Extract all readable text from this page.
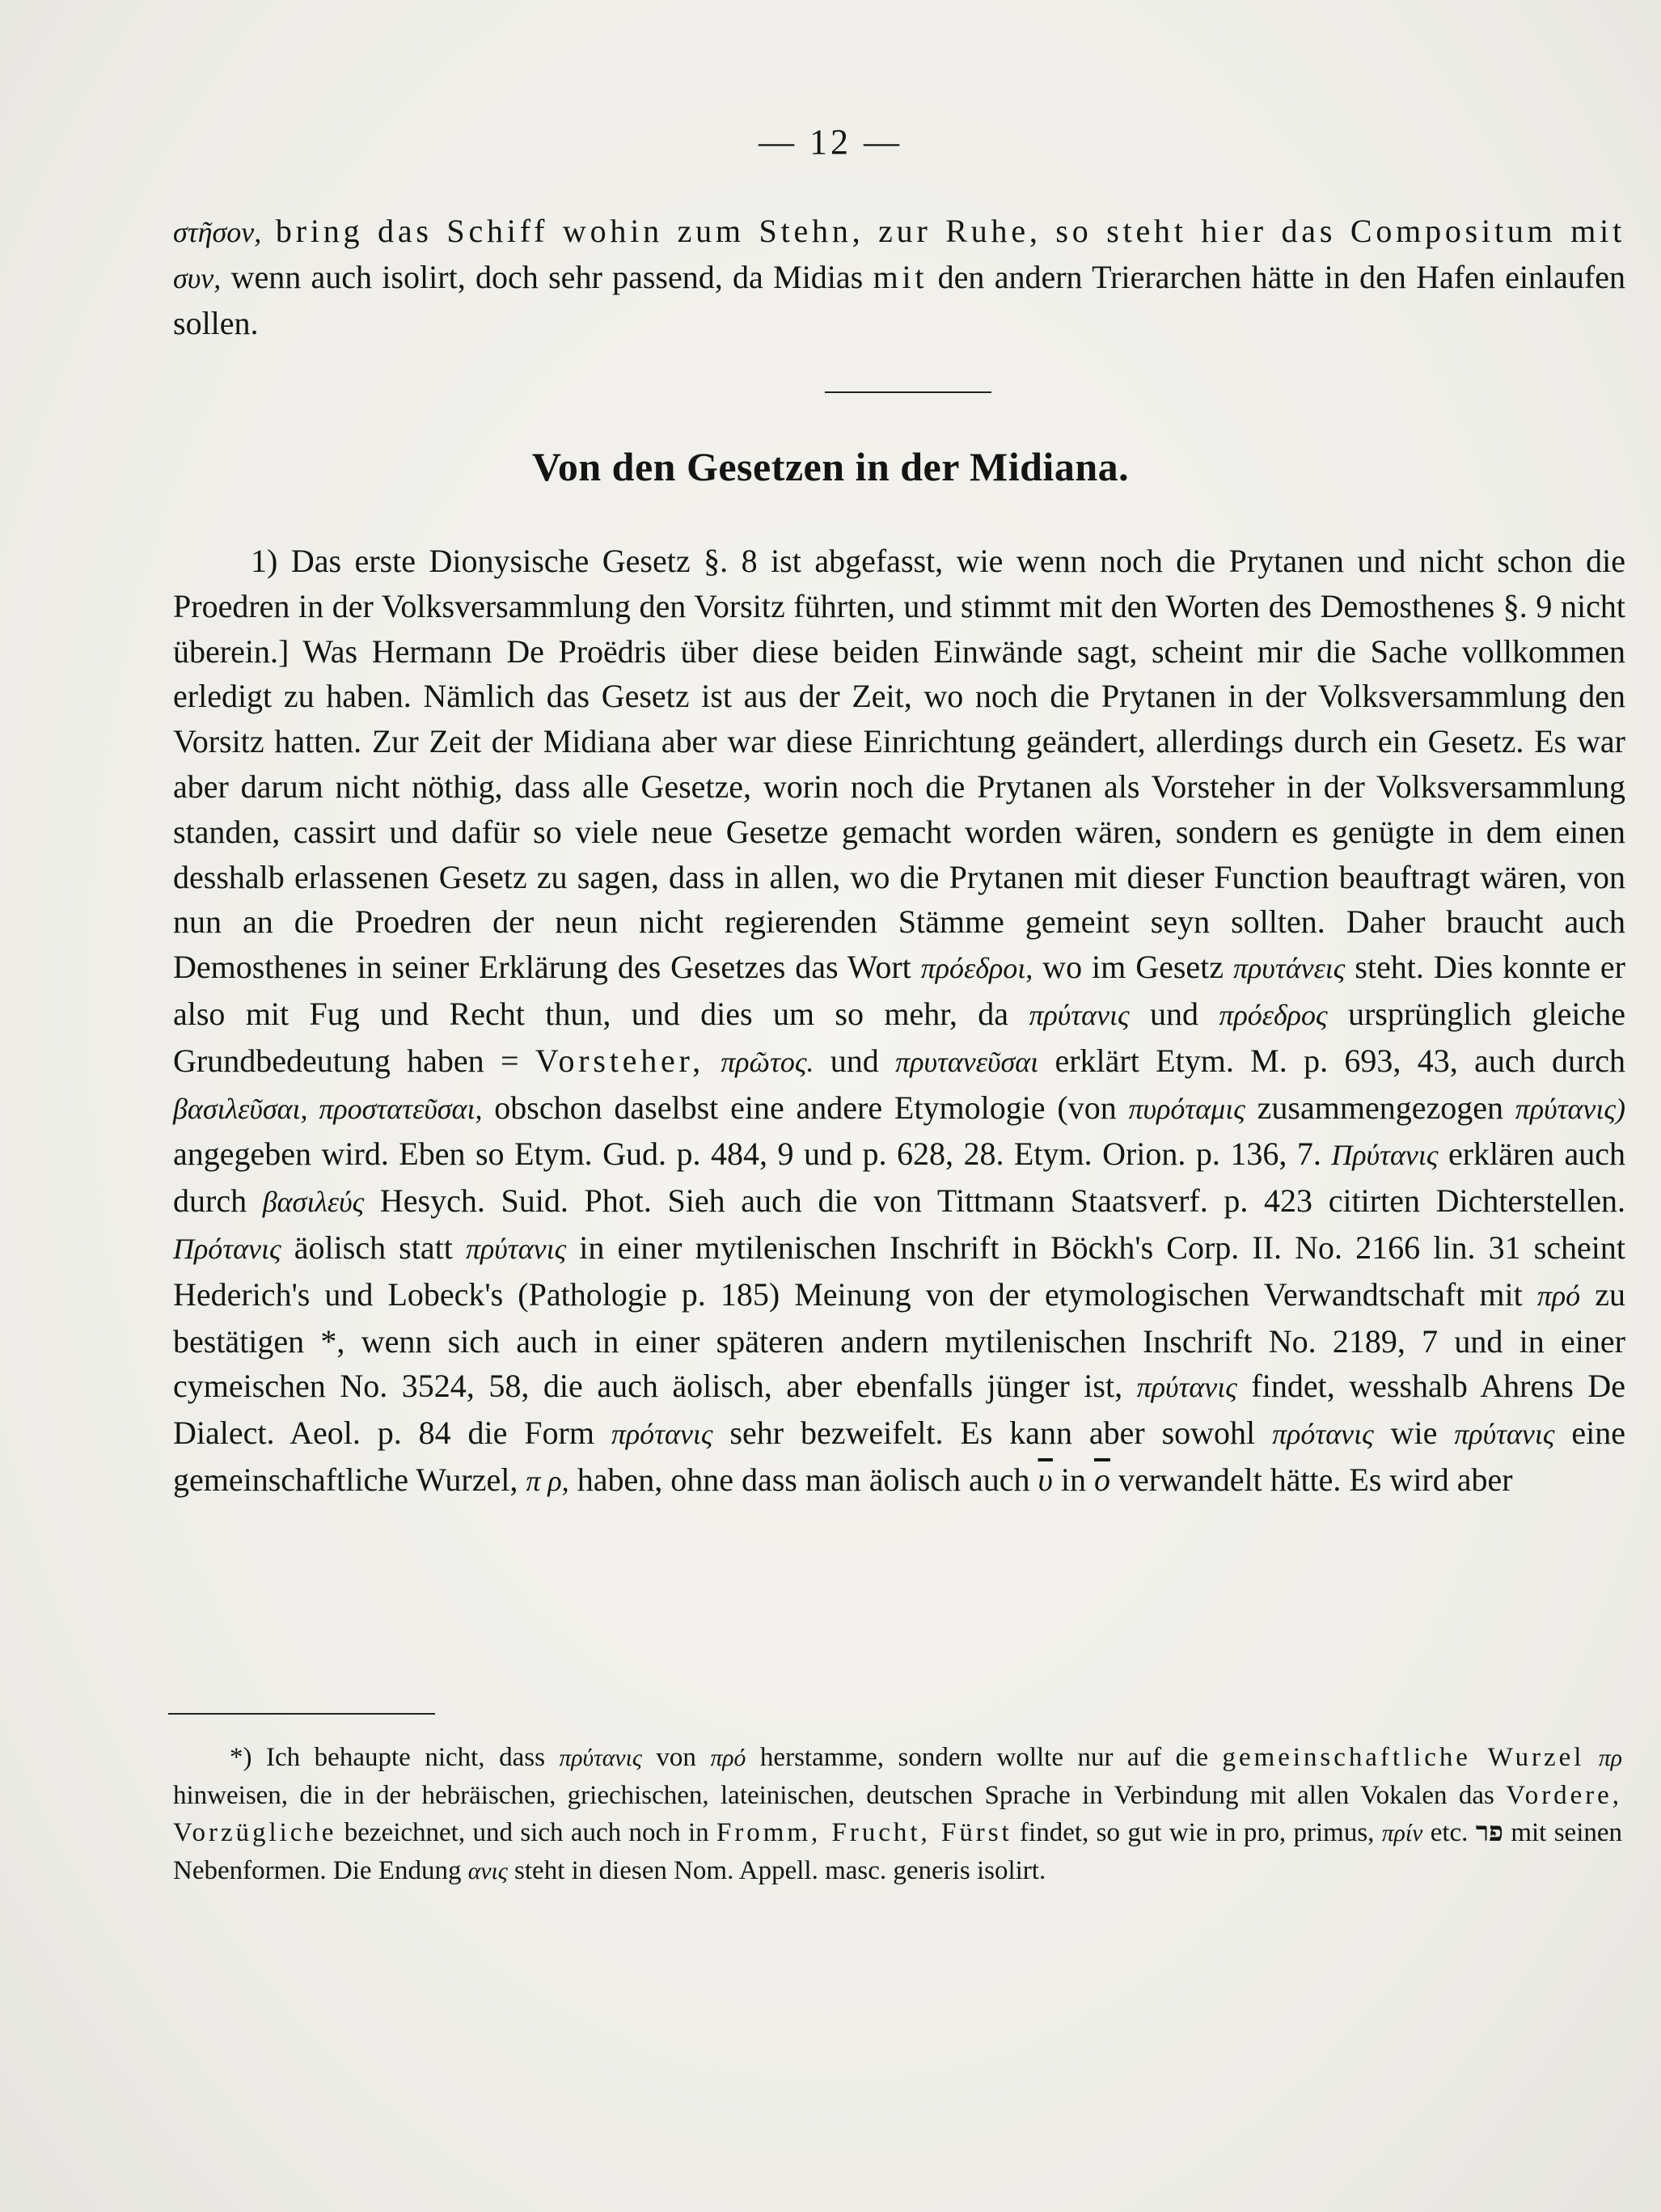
— 12 —

στῆσον, bring das Schiff wohin zum Stehn, zur Ruhe, so steht hier das Compositum mit συν, wenn auch isolirt, doch sehr passend, da Midias mit den andern Trierarchen hätte in den Hafen einlaufen sollen.

Von den Gesetzen in der Midiana.

1) Das erste Dionysische Gesetz §. 8 ist abgefasst, wie wenn noch die Prytanen und nicht schon die Proedren in der Volksversammlung den Vorsitz führten, und stimmt mit den Worten des Demosthenes §. 9 nicht überein.] Was Hermann De Proëdris über diese beiden Einwände sagt, scheint mir die Sache vollkommen erledigt zu haben. Nämlich das Gesetz ist aus der Zeit, wo noch die Prytanen in der Volksversammlung den Vorsitz hatten. Zur Zeit der Midiana aber war diese Einrichtung geändert, allerdings durch ein Gesetz. Es war aber darum nicht nöthig, dass alle Gesetze, worin noch die Prytanen als Vorsteher in der Volksversammlung standen, cassirt und dafür so viele neue Gesetze gemacht worden wären, sondern es genügte in dem einen desshalb erlassenen Gesetz zu sagen, dass in allen, wo die Prytanen mit dieser Function beauftragt wären, von nun an die Proedren der neun nicht regierenden Stämme gemeint seyn sollten. Daher braucht auch Demosthenes in seiner Erklärung des Gesetzes das Wort πρόεδροι, wo im Gesetz πρυτάνεις steht. Dies konnte er also mit Fug und Recht thun, und dies um so mehr, da πρύτανις und πρόεδρος ursprünglich gleiche Grundbedeutung haben = Vorsteher, πρῶτος. und πρυτανεῦσαι erklärt Etym. M. p. 693, 43, auch durch βασιλεῦσαι, προστατεῦσαι, obschon daselbst eine andere Etymologie (von πυρόταμις zusammengezogen πρύτανις) angegeben wird. Eben so Etym. Gud. p. 484, 9 und p. 628, 28. Etym. Orion. p. 136, 7. Πρύτανις erklären auch durch βασιλεύς Hesych. Suid. Phot. Sieh auch die von Tittmann Staatsverf. p. 423 citirten Dichterstellen. Πρότανις äolisch statt πρύτανις in einer mytilenischen Inschrift in Böckh's Corp. II. No. 2166 lin. 31 scheint Hederich's und Lobeck's (Pathologie p. 185) Meinung von der etymologischen Verwandtschaft mit πρό zu bestätigen *, wenn sich auch in einer späteren andern mytilenischen Inschrift No. 2189, 7 und in einer cymeischen No. 3524, 58, die auch äolisch, aber ebenfalls jünger ist, πρύτανις findet, wesshalb Ahrens De Dialect. Aeol. p. 84 die Form πρότανις sehr bezweifelt. Es kann aber sowohl πρότανις wie πρύτανις eine gemeinschaftliche Wurzel, π ρ, haben, ohne dass man äolisch auch $\overline{\upsilon}$ in $\overline{o}$ verwandelt hätte. Es wird aber

*) Ich behaupte nicht, dass πρύτανις von πρό herstamme, sondern wollte nur auf die gemeinschaftliche Wurzel πρ hinweisen, die in der hebräischen, griechischen, lateinischen, deutschen Sprache in Verbindung mit allen Vokalen das Vordere, Vorzügliche bezeichnet, und sich auch noch in Fromm, Frucht, Fürst findet, so gut wie in pro, primus, πρίν etc. פר mit seinen Nebenformen. Die Endung ανις steht in diesen Nom. Appell. masc. generis isolirt.
